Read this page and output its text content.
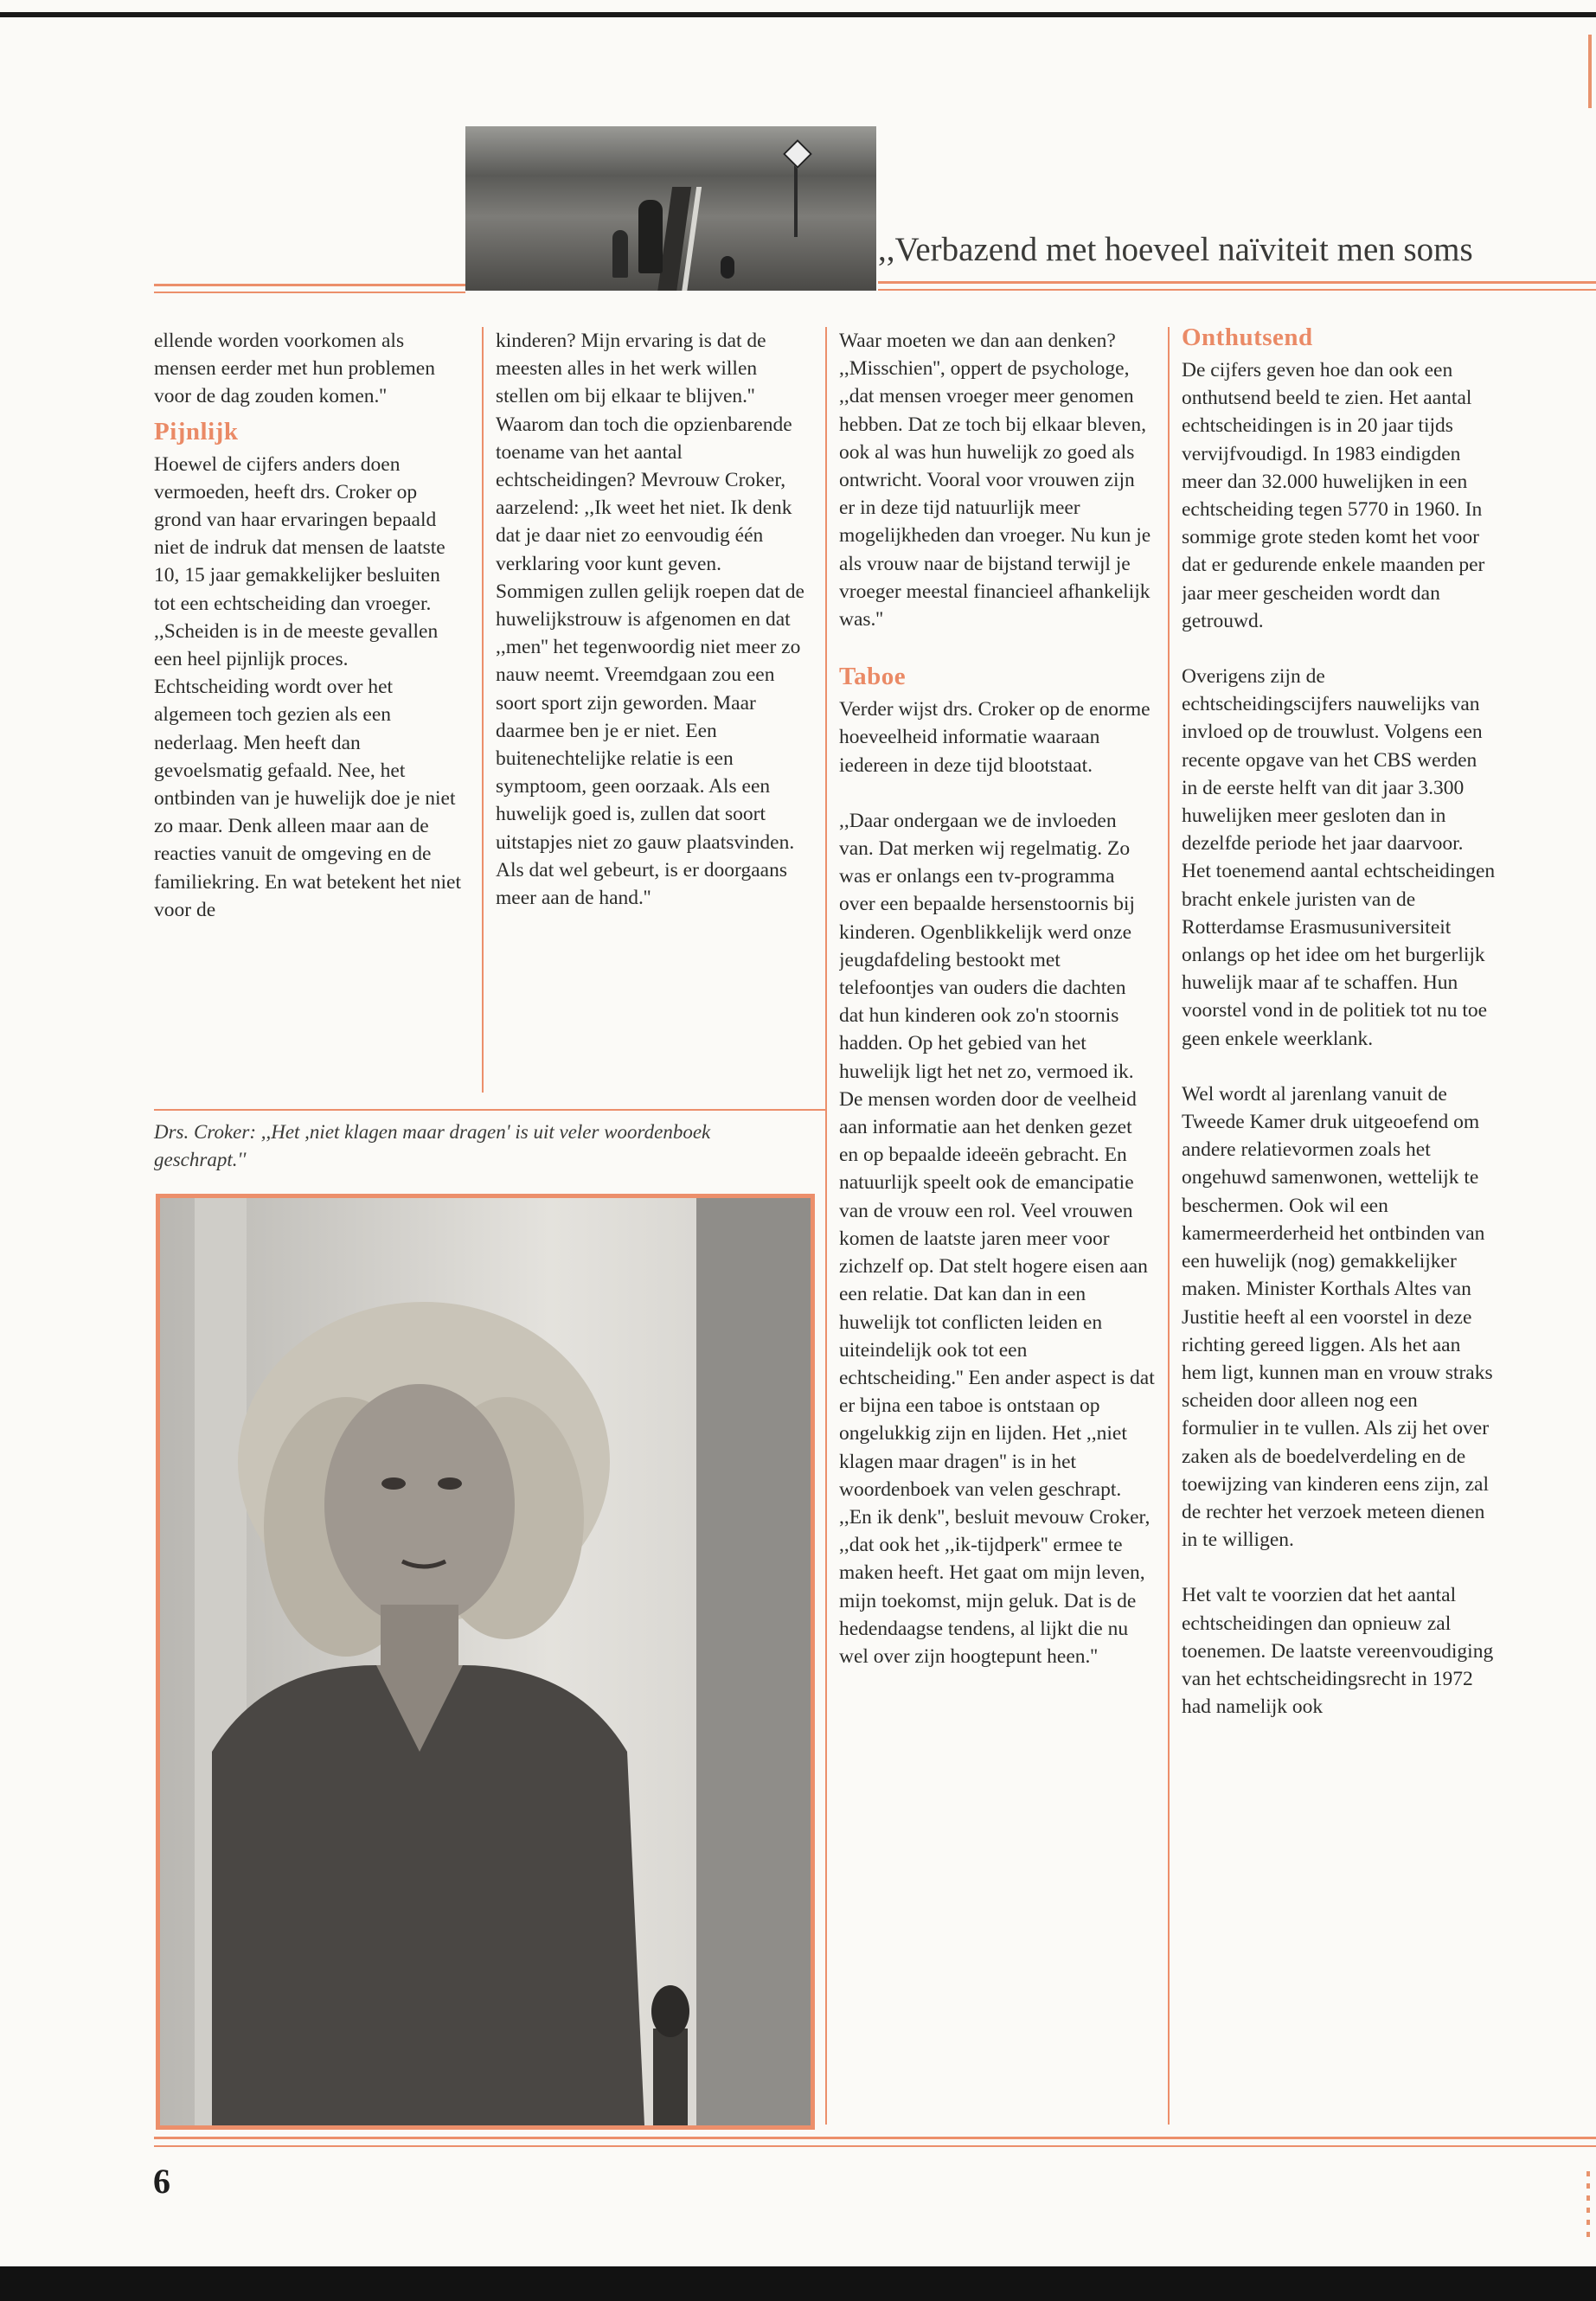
,,Verbazend met hoeveel naïviteit men soms

ellende worden voorkomen als mensen eerder met hun problemen voor de dag zouden komen.''

Pijnlijk

Hoewel de cijfers anders doen vermoeden, heeft drs. Croker op grond van haar ervaringen bepaald niet de indruk dat mensen de laatste 10, 15 jaar gemakkelijker besluiten tot een echtscheiding dan vroeger. ,,Scheiden is in de meeste gevallen een heel pijnlijk proces. Echtscheiding wordt over het algemeen toch gezien als een nederlaag. Men heeft dan gevoelsmatig gefaald. Nee, het ontbinden van je huwelijk doe je niet zo maar. Denk alleen maar aan de reacties vanuit de omgeving en de familiekring. En wat betekent het niet voor de

kinderen? Mijn ervaring is dat de meesten alles in het werk willen stellen om bij elkaar te blijven.''

Waarom dan toch die opzienbarende toename van het aantal echtscheidingen? Mevrouw Croker, aarzelend: ,,Ik weet het niet. Ik denk dat je daar niet zo eenvoudig één verklaring voor kunt geven. Sommigen zullen gelijk roepen dat de huwelijkstrouw is afgenomen en dat ,,men'' het tegenwoordig niet meer zo nauw neemt. Vreemdgaan zou een soort sport zijn geworden. Maar daarmee ben je er niet. Een buitenechtelijke relatie is een symptoom, geen oorzaak. Als een huwelijk goed is, zullen dat soort uitstapjes niet zo gauw plaatsvinden. Als dat wel gebeurt, is er doorgaans meer aan de hand.''

Drs. Croker: ,,Het ,niet klagen maar dragen' is uit veler woordenboek geschrapt.''

Waar moeten we dan aan denken? ,,Misschien'', oppert de psychologe, ,,dat mensen vroeger meer genomen hebben. Dat ze toch bij elkaar bleven, ook al was hun huwelijk zo goed als ontwricht. Vooral voor vrouwen zijn er in deze tijd natuurlijk meer mogelijkheden dan vroeger. Nu kun je als vrouw naar de bijstand terwijl je vroeger meestal financieel afhankelijk was.''

Taboe

Verder wijst drs. Croker op de enorme hoeveelheid informatie waaraan iedereen in deze tijd blootstaat.

,,Daar ondergaan we de invloeden van. Dat merken wij regelmatig. Zo was er onlangs een tv-programma over een bepaalde hersenstoornis bij kinderen. Ogenblikkelijk werd onze jeugdafdeling bestookt met telefoontjes van ouders die dachten dat hun kinderen ook zo'n stoornis hadden. Op het gebied van het huwelijk ligt het net zo, vermoed ik. De mensen worden door de veelheid aan informatie aan het denken gezet en op bepaalde ideeën gebracht. En natuurlijk speelt ook de emancipatie van de vrouw een rol. Veel vrouwen komen de laatste jaren meer voor zichzelf op. Dat stelt hogere eisen aan een relatie. Dat kan dan in een huwelijk tot conflicten leiden en uiteindelijk ook tot een echtscheiding.'' Een ander aspect is dat er bijna een taboe is ontstaan op ongelukkig zijn en lijden. Het ,,niet klagen maar dragen'' is in het woordenboek van velen geschrapt. ,,En ik denk'', besluit mevouw Croker, ,,dat ook het ,,ik-tijdperk'' ermee te maken heeft. Het gaat om mijn leven, mijn toekomst, mijn geluk. Dat is de hedendaagse tendens, al lijkt die nu wel over zijn hoogtepunt heen.''

Onthutsend

De cijfers geven hoe dan ook een onthutsend beeld te zien. Het aantal echtscheidingen is in 20 jaar tijds vervijfvoudigd. In 1983 eindigden meer dan 32.000 huwelijken in een echtscheiding tegen 5770 in 1960. In sommige grote steden komt het voor dat er gedurende enkele maanden per jaar meer gescheiden wordt dan getrouwd.

Overigens zijn de echtscheidingscijfers nauwelijks van invloed op de trouwlust. Volgens een recente opgave van het CBS werden in de eerste helft van dit jaar 3.300 huwelijken meer gesloten dan in dezelfde periode het jaar daarvoor. Het toenemend aantal echtscheidingen bracht enkele juristen van de Rotterdamse Erasmusuniversiteit onlangs op het idee om het burgerlijk huwelijk maar af te schaffen. Hun voorstel vond in de politiek tot nu toe geen enkele weerklank.

Wel wordt al jarenlang vanuit de Tweede Kamer druk uitgeoefend om andere relatievormen zoals het ongehuwd samenwonen, wettelijk te beschermen. Ook wil een kamermeerderheid het ontbinden van een huwelijk (nog) gemakkelijker maken. Minister Korthals Altes van Justitie heeft al een voorstel in deze richting gereed liggen. Als het aan hem ligt, kunnen man en vrouw straks scheiden door alleen nog een formulier in te vullen. Als zij het over zaken als de boedelverdeling en de toewijzing van kinderen eens zijn, zal de rechter het verzoek meteen dienen in te willigen.

Het valt te voorzien dat het aantal echtscheidingen dan opnieuw zal toenemen. De laatste vereenvoudiging van het echtscheidingsrecht in 1972 had namelijk ook

6
